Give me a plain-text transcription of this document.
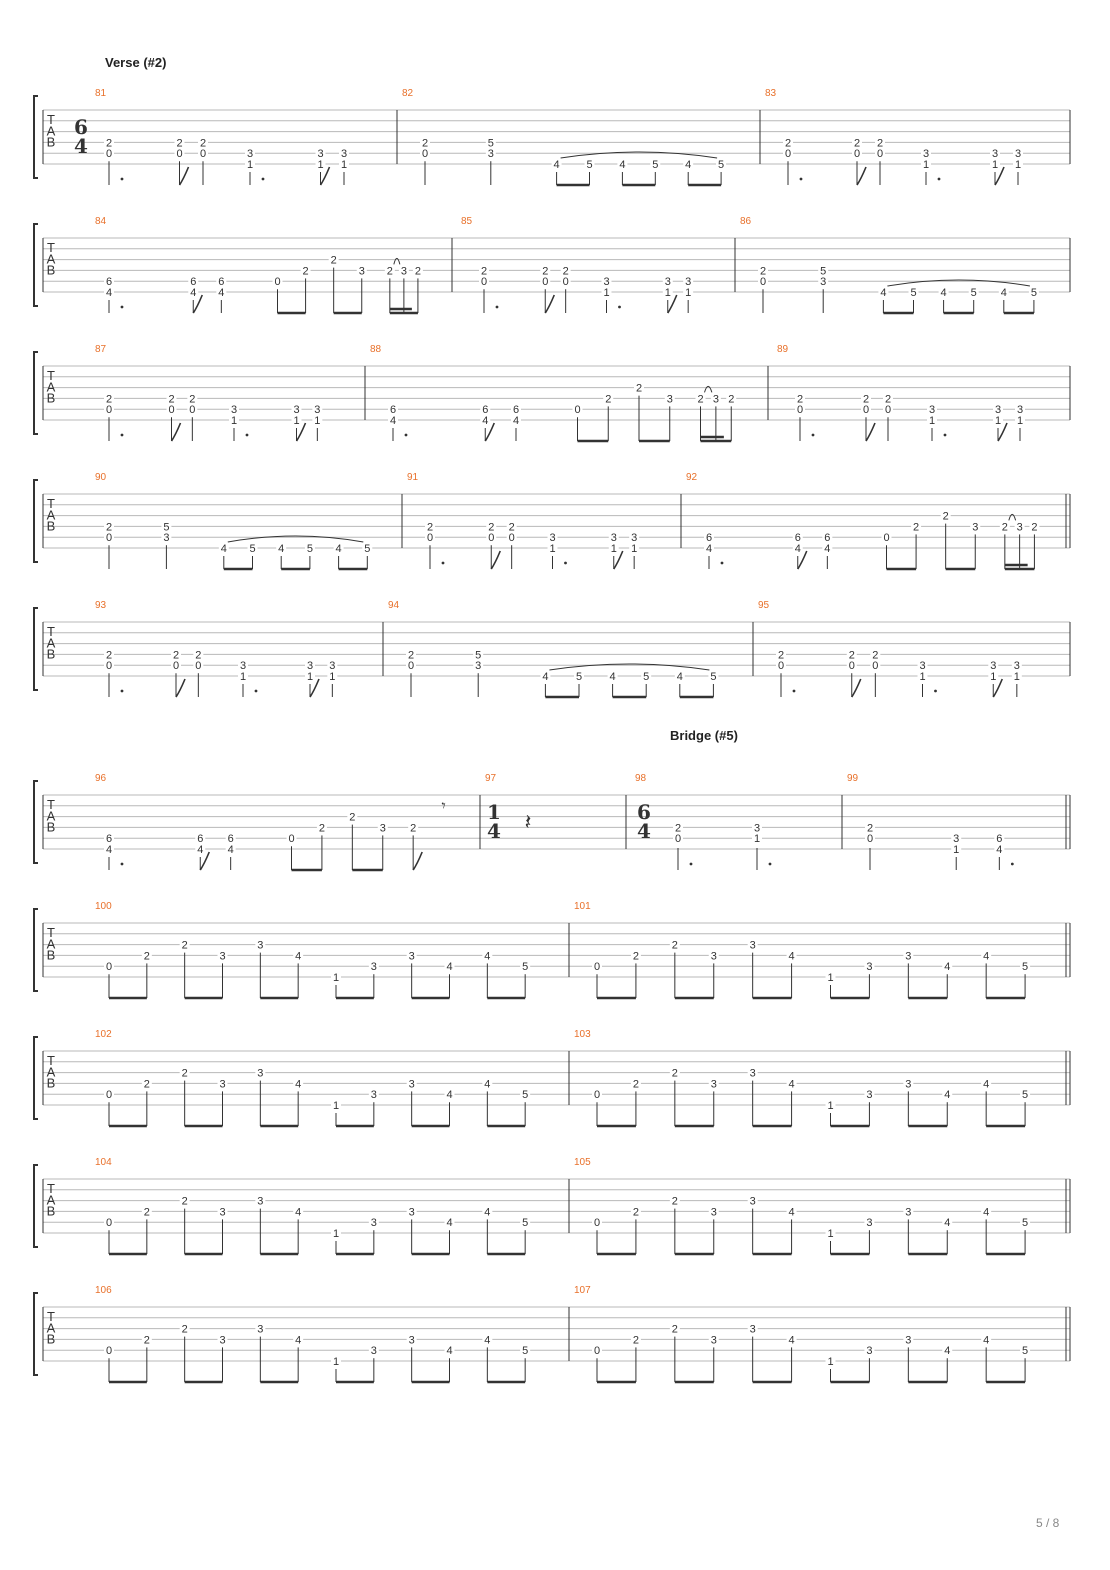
Verse (#2)
Bridge (#5)
T
A
B
81
6
4 2
0
2
0
2
0	3
1
3
1
3
1
82
2
0
5
3
4 5 4 5 4 5
83
2
0
2
0
2
0	3
1
3
1
3
1
T
A
B
84
6
4
6
4
6
4
0
2
2
3 2 3 2
85
2
0
2
0
2
0	3
1
3
1
3
1
86
2
0
5
3
4 5 4 5 4 5
T
A
B
87
2
0
2
0
2
0	3
1
3
1
3
1
88
6
4
6
4
6
4
0
2
2
3 2 3 2
89
2
0
2
0
2
0	3
1
3
1
3
1
T
A
B
90
2
0
5
3
4 5 4 5 4 5
91
2
0
2
0
2
0	3
1
3
1
3
1
92
6
4
6
4
6
4
0
2
2
3 2 3 2
T
A
B
93
2
0
2
0
2
0	3
1
3
1
3
1
94
2
0
5
3
4 5 4 5 4 5
95
2
0
2
0
2
0	3
1
3
1
3
1
T
A
B
96
6
4
6
4
6
4
0
2
2
3 2
𝄾
97
1
4 𝄽
98
6
4 2
0
3
1
99
2
0	3
1
6
4
T
A
B
100
0
2
2
3
3
4
1
3
3
4
4
5
101
0
2
2
3
3
4
1
3
3
4
4
5
T
A
B
102
0
2
2
3
3
4
1
3
3
4
4
5
103
0
2
2
3
3
4
1
3
3
4
4
5
T
A
B
104
0
2
2
3
3
4
1
3
3
4
4
5
105
0
2
2
3
3
4
1
3
3
4
4
5
T
A
B
106
0
2
2
3
3
4
1
3
3
4
4
5
107
0
2
2
3
3
4
1
3
3
4
4
5
5 / 8
